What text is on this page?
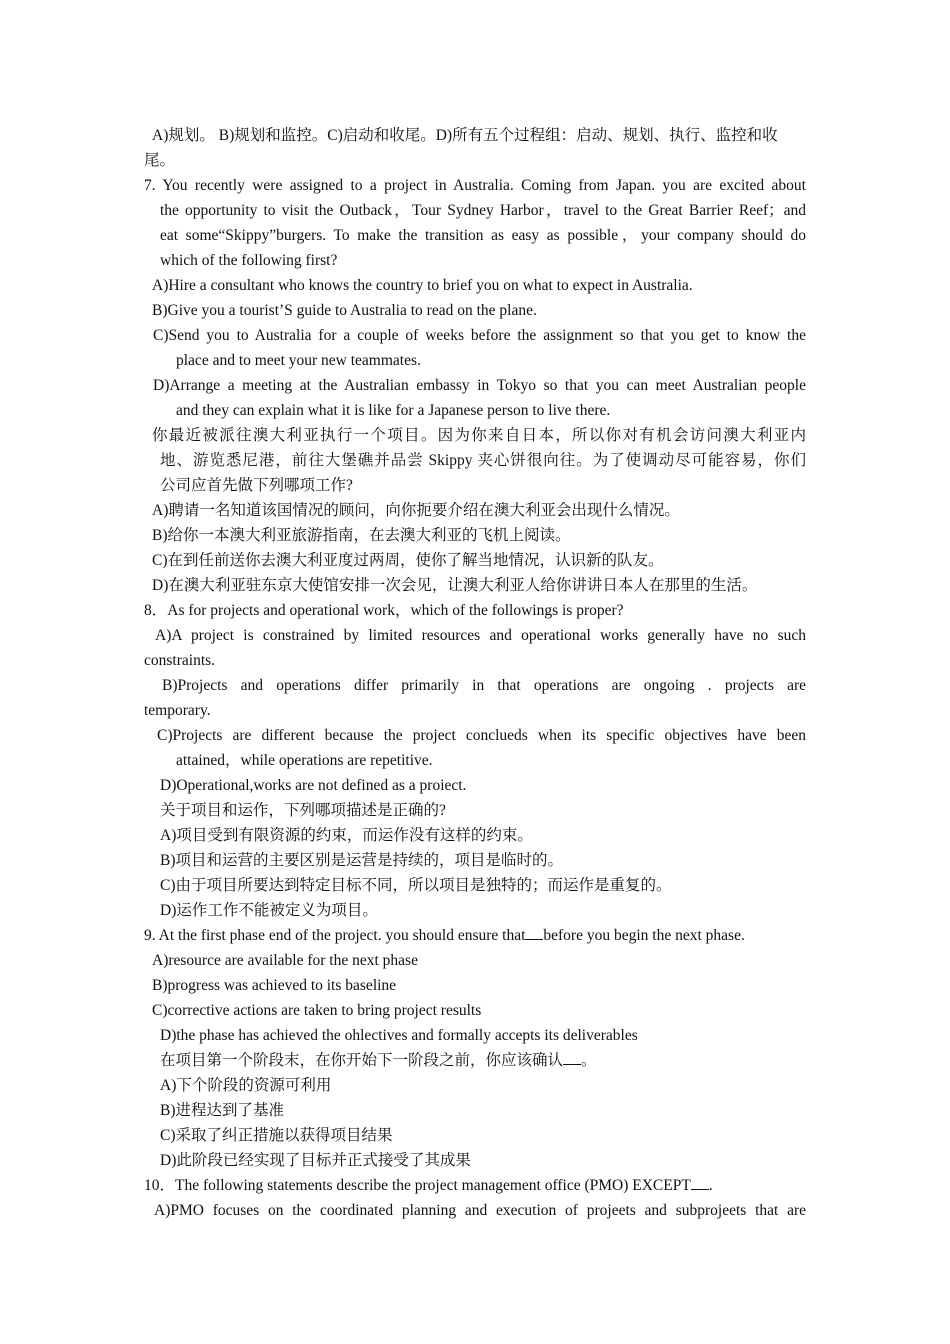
A)规划。 B)规划和监控。C)启动和收尾。D)所有五个过程组：启动、规划、执行、监控和收
尾。
7. You recently were assigned to a project in Australia. Coming from Japan. you are excited about
the opportunity to visit the Outback，Tour Sydney Harbor，travel to the Great Barrier Reef；and
eat some“Skippy”burgers. To make the transition as easy as possible，your company should do
which of the following first?
A)Hire a consultant who knows the country to brief you on what to expect in Australia.
B)Give you a tourist’S guide to Australia to read on the plane.
C)Send you to Australia for a couple of weeks before the assignment so that you get to know the
place and to meet your new teammates.
D)Arrange a meeting at the Australian embassy in Tokyo so that you can meet Australian people
and they can explain what it is like for a Japanese person to live there.
你最近被派往澳大利亚执行一个项目。因为你来自日本，所以你对有机会访问澳大利亚内
地、游览悉尼港，前往大堡礁并品尝 Skippy 夹心饼很向往。为了使调动尽可能容易，你们
公司应首先做下列哪项工作?
A)聘请一名知道该国情况的顾问，向你扼要介绍在澳大利亚会出现什么情况。
B)给你一本澳大利亚旅游指南，在去澳大利亚的飞机上阅读。
C)在到任前送你去澳大利亚度过两周，使你了解当地情况，认识新的队友。
D)在澳大利亚驻东京大使馆安排一次会见，让澳大利亚人给你讲讲日本人在那里的生活。
8．As for projects and operational work，which of the followings is proper?
A)A project is constrained by limited resources and operational works generally have no such
constraints.
B)Projects and operations differ primarily in that operations are ongoing . projects are
temporary.
C)Projects are different because the project conclueds when its specific objectives have been
attained，while operations are repetitive.
D)Operational,works are not defined as a proiect.
关于项目和运作，下列哪项描述是正确的?
A)项目受到有限资源的约束，而运作没有这样的约束。
B)项目和运营的主要区别是运营是持续的，项目是临时的。
C)由于项目所要达到特定目标不同，所以项目是独特的；而运作是重复的。
D)运作工作不能被定义为项目。
9. At the first phase end of the project. you should ensure that before you begin the next phase.
A)resource are available for the next phase
B)progress was achieved to its baseline
C)corrective actions are taken to bring project results
D)the phase has achieved the ohlectives and formally accepts its deliverables
在项目第一个阶段末，在你开始下一阶段之前，你应该确认 。
A)下个阶段的资源可利用
B)进程达到了基准
C)采取了纠正措施以获得项目结果
D)此阶段已经实现了目标并正式接受了其成果
10．The following statements describe the project management office (PMO) EXCEPT .
A)PMO focuses on the coordinated planning and execution of projeets and subprojeets that are
